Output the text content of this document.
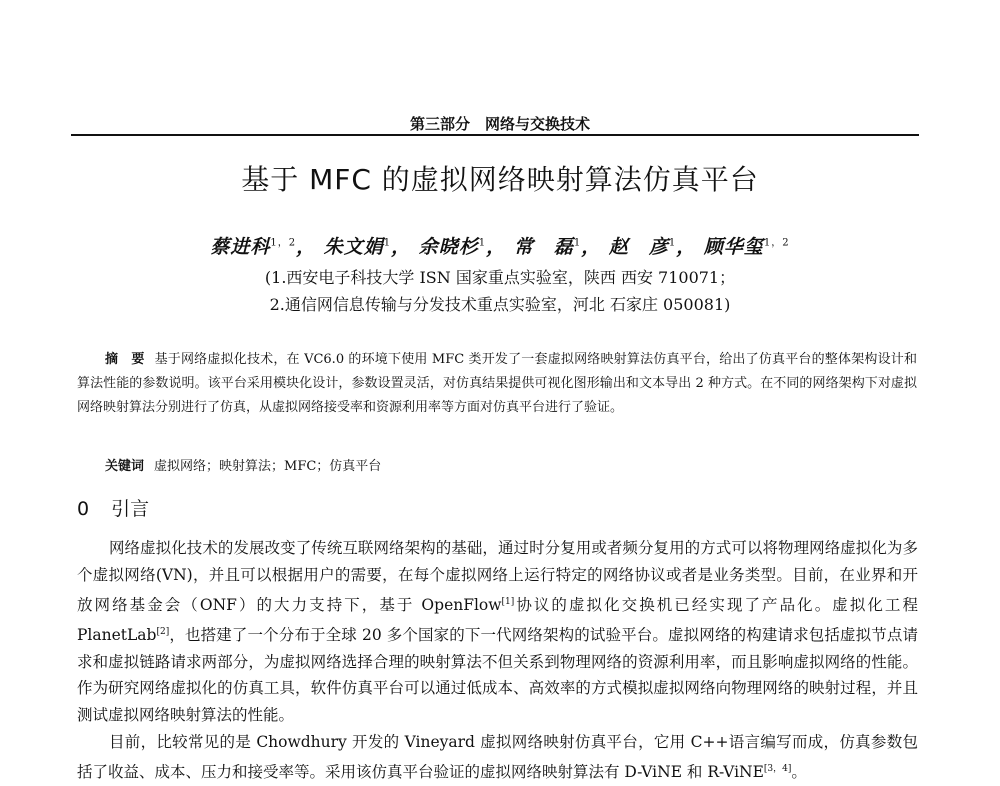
第三部分　网络与交换技术
基于 MFC 的虚拟网络映射算法仿真平台
蔡进科$^{1,2}$， 朱文娟$^1$， 余晓杉$^1$， 常　磊$^1$， 赵　彦$^1$， 顾华玺$^{1,2}$
(1.西安电子科技大学 ISN 国家重点实验室，陕西 西安 710071；
2.通信网信息传输与分发技术重点实验室，河北 石家庄 050081)
摘　要 基于网络虚拟化技术，在 VC6.0 的环境下使用 MFC 类开发了一套虚拟网络映射算法仿真平台，给出了仿真平台的整体架构设计和算法性能的参数说明。该平台采用模块化设计，参数设置灵活，对仿真结果提供可视化图形输出和文本导出 2 种方式。在不同的网络架构下对虚拟网络映射算法分别进行了仿真，从虚拟网络接受率和资源利用率等方面对仿真平台进行了验证。
关键词 虚拟网络；映射算法；MFC；仿真平台
0 引言

网络虚拟化技术的发展改变了传统互联网络架构的基础，通过时分复用或者频分复用的方式可以将物理网络虚拟化为多个虚拟网络(VN)，并且可以根据用户的需要，在每个虚拟网络上运行特定的网络协议或者是业务类型。目前，在业界和开放网络基金会（ONF）的大力支持下，基于 OpenFlow[1]协议的虚拟化交换机已经实现了产品化。虚拟化工程 PlanetLab[2]，也搭建了一个分布于全球 20 多个国家的下一代网络架构的试验平台。虚拟网络的构建请求包括虚拟节点请求和虚拟链路请求两部分，为虚拟网络选择合理的映射算法不但关系到物理网络的资源利用率，而且影响虚拟网络的性能。作为研究网络虚拟化的仿真工具，软件仿真平台可以通过低成本、高效率的方式模拟虚拟网络向物理网络的映射过程，并且测试虚拟网络映射算法的性能。

目前，比较常见的是 Chowdhury 开发的 Vineyard 虚拟网络映射仿真平台，它用 C++语言编写而成，仿真参数包括了收益、成本、压力和接受率等。采用该仿真平台验证的虚拟网络映射算法有 D-ViNE 和 R-ViNE[3，4]。
